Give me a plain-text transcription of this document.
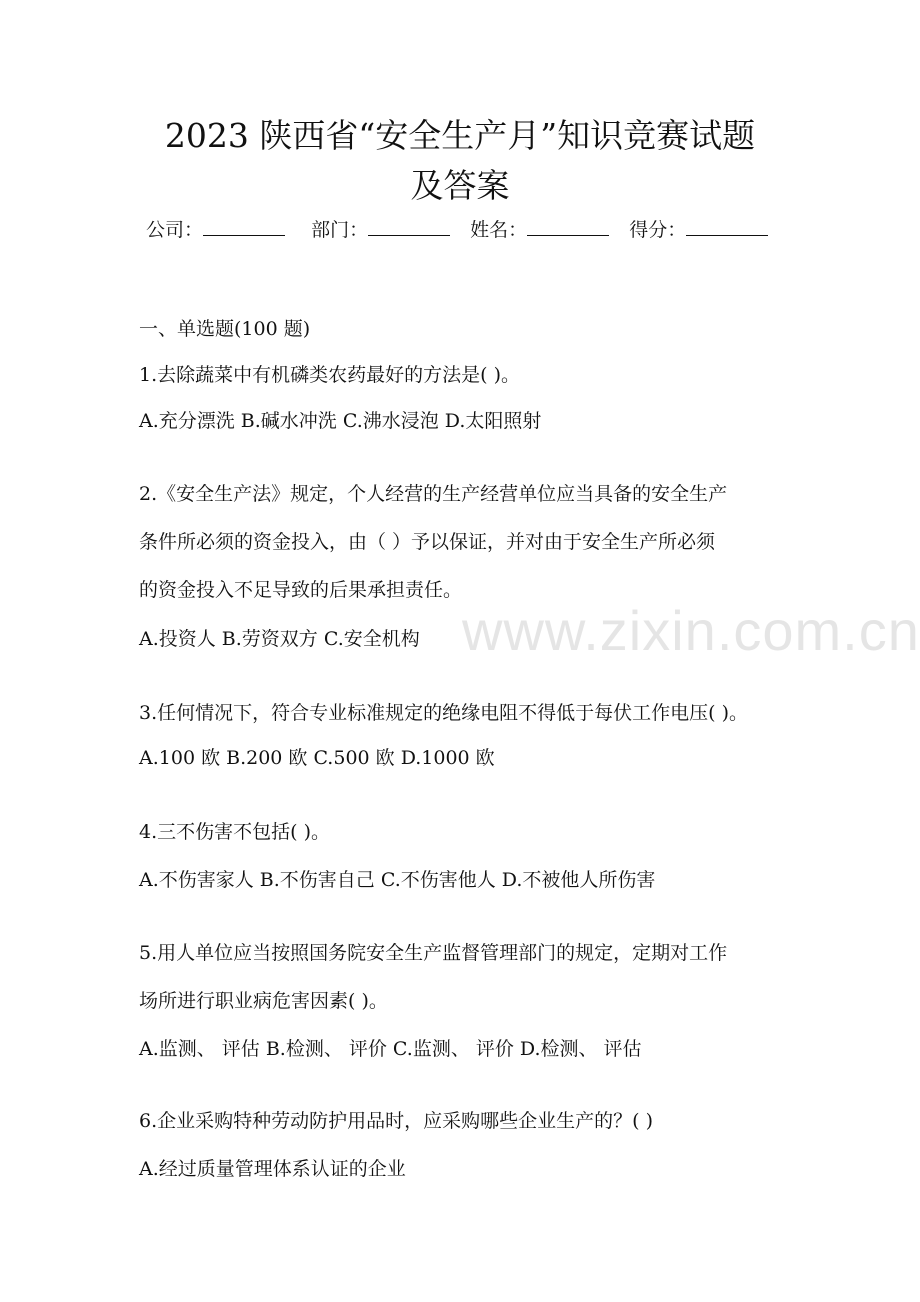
2023 陕西省“安全生产月”知识竞赛试题
及答案
公司：	部门：	姓名：	得分：

一、单选题(100 题)

1.去除蔬菜中有机磷类农药最好的方法是( )。

A.充分漂洗 B.碱水冲洗 C.沸水浸泡 D.太阳照射

2.《安全生产法》规定，个人经营的生产经营单位应当具备的安全生产

条件所必须的资金投入，由（ ）予以保证，并对由于安全生产所必须

的资金投入不足导致的后果承担责任。

A.投资人 B.劳资双方 C.安全机构

3.任何情况下，符合专业标准规定的绝缘电阻不得低于每伏工作电压( )。

A.100 欧 B.200 欧 C.500 欧 D.1000 欧

4.三不伤害不包括( )。

A.不伤害家人 B.不伤害自己 C.不伤害他人 D.不被他人所伤害

5.用人单位应当按照国务院安全生产监督管理部门的规定，定期对工作

场所进行职业病危害因素( )。

A.监测、 评估 B.检测、 评价 C.监测、 评价 D.检测、 评估

6.企业采购特种劳动防护用品时，应采购哪些企业生产的？( )

A.经过质量管理体系认证的企业

www.zixin.com.cn
